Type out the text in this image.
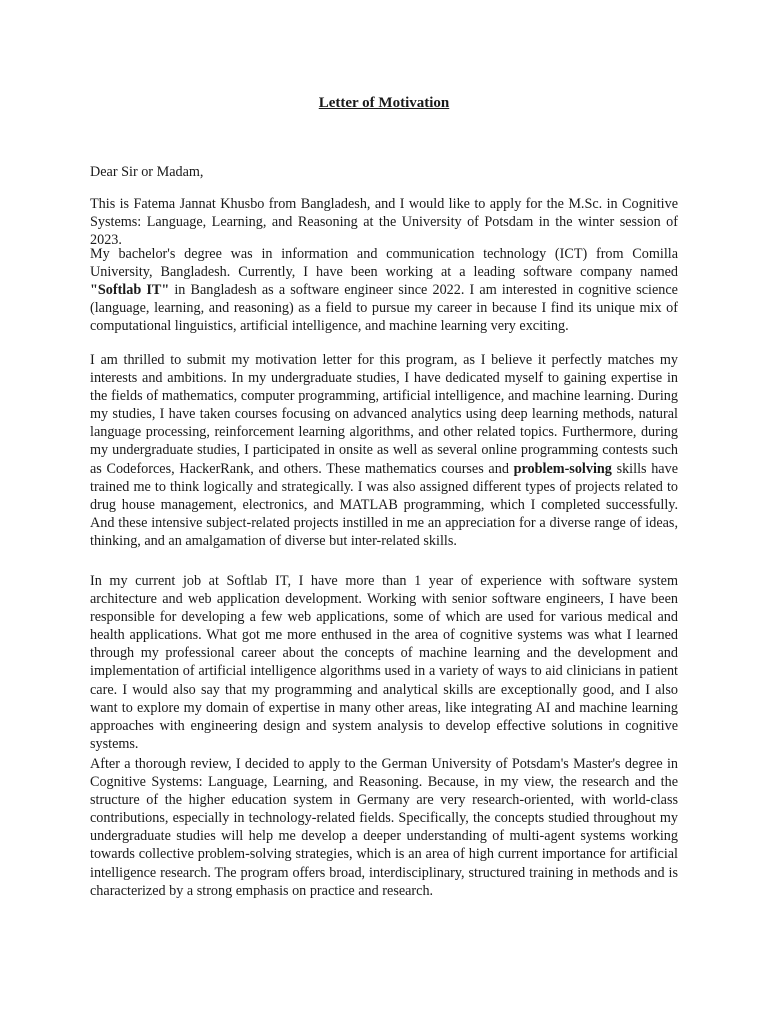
Letter of Motivation
Dear Sir or Madam,

This is Fatema Jannat Khusbo from Bangladesh, and I would like to apply for the M.Sc. in Cognitive Systems: Language, Learning, and Reasoning at the University of Potsdam in the winter session of 2023.

My bachelor's degree was in information and communication technology (ICT) from Comilla University, Bangladesh. Currently, I have been working at a leading software company named "Softlab IT" in Bangladesh as a software engineer since 2022. I am interested in cognitive science (language, learning, and reasoning) as a field to pursue my career in because I find its unique mix of computational linguistics, artificial intelligence, and machine learning very exciting.

I am thrilled to submit my motivation letter for this program, as I believe it perfectly matches my interests and ambitions. In my undergraduate studies, I have dedicated myself to gaining expertise in the fields of mathematics, computer programming, artificial intelligence, and machine learning. During my studies, I have taken courses focusing on advanced analytics using deep learning methods, natural language processing, reinforcement learning algorithms, and other related topics. Furthermore, during my undergraduate studies, I participated in onsite as well as several online programming contests such as Codeforces, HackerRank, and others. These mathematics courses and problem-solving skills have trained me to think logically and strategically. I was also assigned different types of projects related to drug house management, electronics, and MATLAB programming, which I completed successfully. And these intensive subject-related projects instilled in me an appreciation for a diverse range of ideas, thinking, and an amalgamation of diverse but inter-related skills.

In my current job at Softlab IT, I have more than 1 year of experience with software system architecture and web application development. Working with senior software engineers, I have been responsible for developing a few web applications, some of which are used for various medical and health applications. What got me more enthused in the area of cognitive systems was what I learned through my professional career about the concepts of machine learning and the development and implementation of artificial intelligence algorithms used in a variety of ways to aid clinicians in patient care. I would also say that my programming and analytical skills are exceptionally good, and I also want to explore my domain of expertise in many other areas, like integrating AI and machine learning approaches with engineering design and system analysis to develop effective solutions in cognitive systems.

After a thorough review, I decided to apply to the German University of Potsdam's Master's degree in Cognitive Systems: Language, Learning, and Reasoning. Because, in my view, the research and the structure of the higher education system in Germany are very research-oriented, with world-class contributions, especially in technology-related fields. Specifically, the concepts studied throughout my undergraduate studies will help me develop a deeper understanding of multi-agent systems working towards collective problem-solving strategies, which is an area of high current importance for artificial intelligence research. The program offers broad, interdisciplinary, structured training in methods and is characterized by a strong emphasis on practice and research.
